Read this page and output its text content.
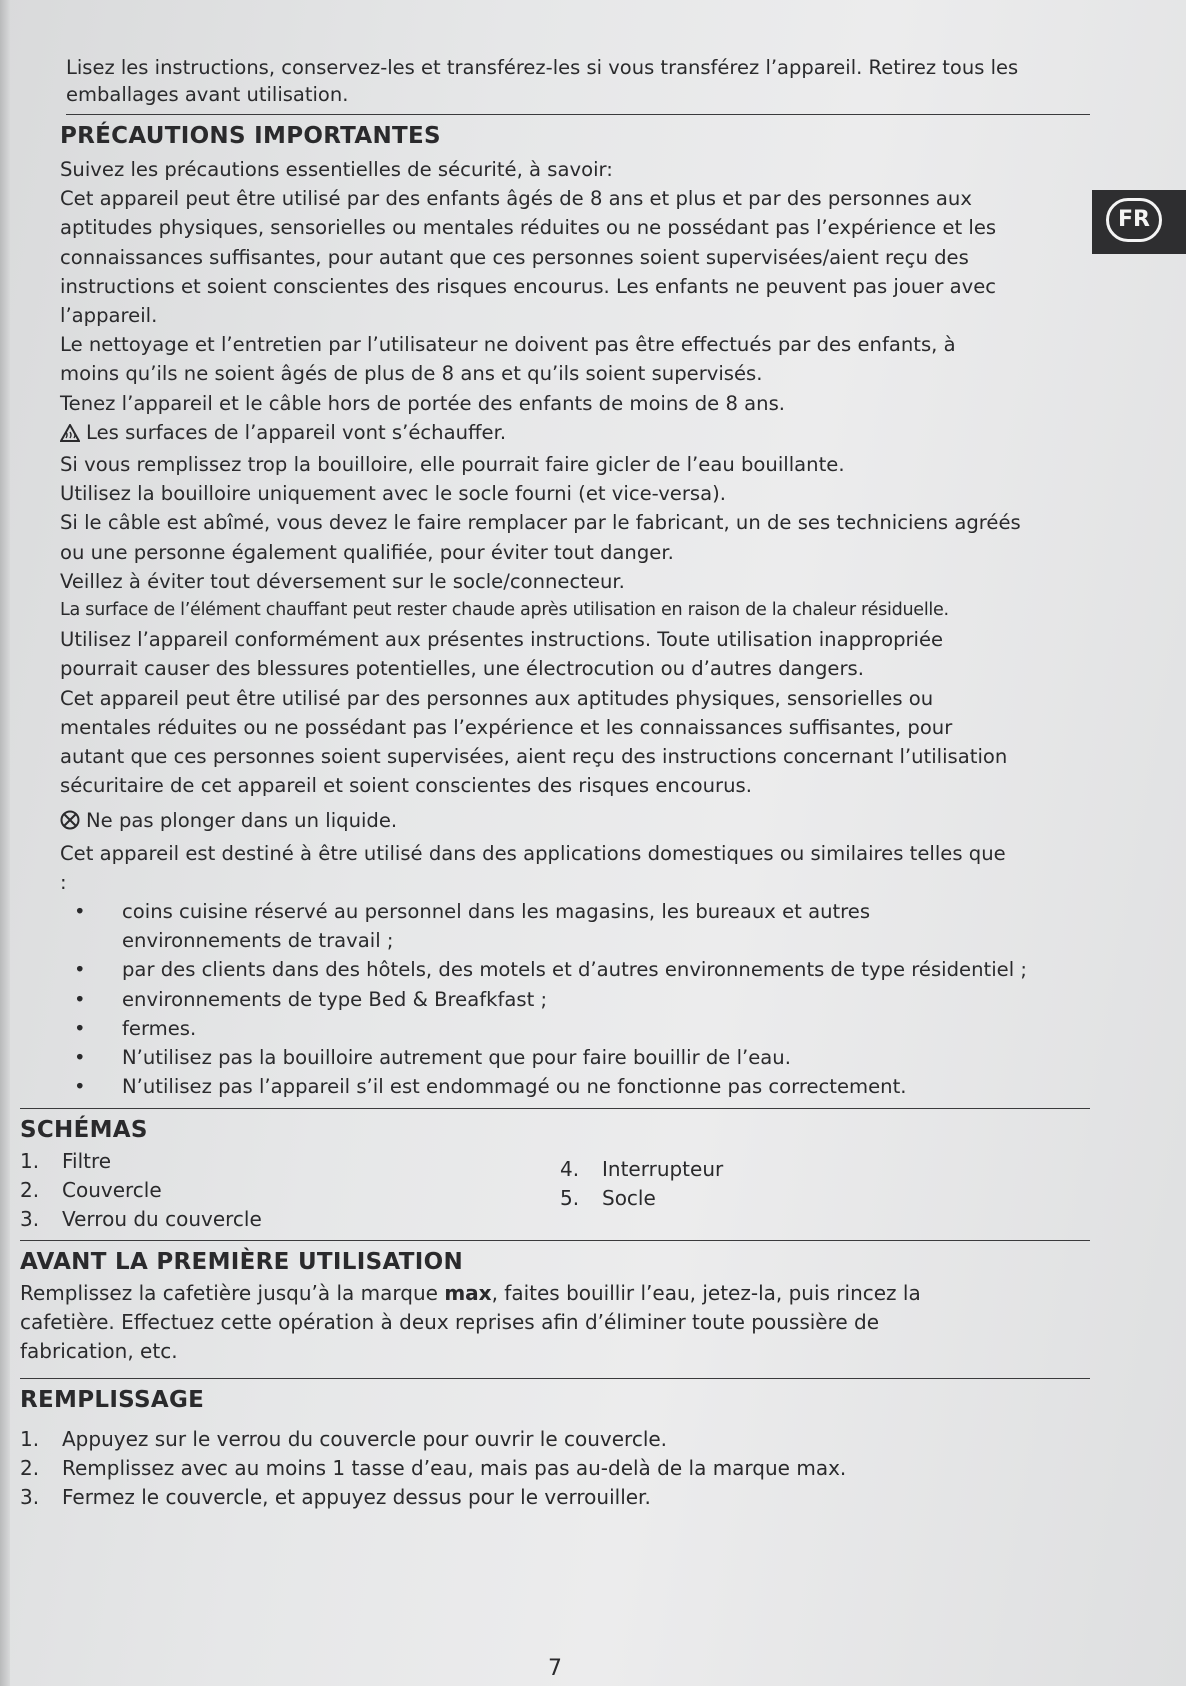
FR

Lisez les instructions, conservez-les et transférez-les si vous transférez l’appareil. Retirez tous les

emballages avant utilisation.

PRÉCAUTIONS IMPORTANTES

Suivez les précautions essentielles de sécurité, à savoir:

Cet appareil peut être utilisé par des enfants âgés de 8 ans et plus et par des personnes aux

aptitudes physiques, sensorielles ou mentales réduites ou ne possédant pas l’expérience et les

connaissances suffisantes, pour autant que ces personnes soient supervisées/aient reçu des

instructions et soient conscientes des risques encourus. Les enfants ne peuvent pas jouer avec

l’appareil.

Le nettoyage et l’entretien par l’utilisateur ne doivent pas être effectués par des enfants, à

moins qu’ils ne soient âgés de plus de 8 ans et qu’ils soient supervisés.

Tenez l’appareil et le câble hors de portée des enfants de moins de 8 ans.

Les surfaces de l’appareil vont s’échauffer.

Si vous remplissez trop la bouilloire, elle pourrait faire gicler de l’eau bouillante.

Utilisez la bouilloire uniquement avec le socle fourni (et vice-versa).

Si le câble est abîmé, vous devez le faire remplacer par le fabricant, un de ses techniciens agréés

ou une personne également qualifiée, pour éviter tout danger.

Veillez à éviter tout déversement sur le socle/connecteur.

La surface de l’élément chauffant peut rester chaude après utilisation en raison de la chaleur résiduelle.

Utilisez l’appareil conformément aux présentes instructions. Toute utilisation inappropriée

pourrait causer des blessures potentielles, une électrocution ou d’autres dangers.

Cet appareil peut être utilisé par des personnes aux aptitudes physiques, sensorielles ou

mentales réduites ou ne possédant pas l’expérience et les connaissances suffisantes, pour

autant que ces personnes soient supervisées, aient reçu des instructions concernant l’utilisation

sécuritaire de cet appareil et soient conscientes des risques encourus.

Ne pas plonger dans un liquide.

Cet appareil est destiné à être utilisé dans des applications domestiques ou similaires telles que

:

• coins cuisine réservé au personnel dans les magasins, les bureaux et autres
environnements de travail ;
• par des clients dans des hôtels, des motels et d’autres environnements de type résidentiel ;
• environnements de type Bed & Breafkfast ;
• fermes.
• N’utilisez pas la bouilloire autrement que pour faire bouillir de l’eau.
• N’utilisez pas l’appareil s’il est endommagé ou ne fonctionne pas correctement.
SCHÉMAS
1. Filtre
2. Couvercle
3. Verrou du couvercle
4. Interrupteur
5. Socle
AVANT LA PREMIÈRE UTILISATION

Remplissez la cafetière jusqu’à la marque max, faites bouillir l’eau, jetez-la, puis rincez la

cafetière. Effectuez cette opération à deux reprises afin d’éliminer toute poussière de

fabrication, etc.

REMPLISSAGE
1. Appuyez sur le verrou du couvercle pour ouvrir le couvercle.
2. Remplissez avec au moins 1 tasse d’eau, mais pas au-delà de la marque max.
3. Fermez le couvercle, et appuyez dessus pour le verrouiller.
7
